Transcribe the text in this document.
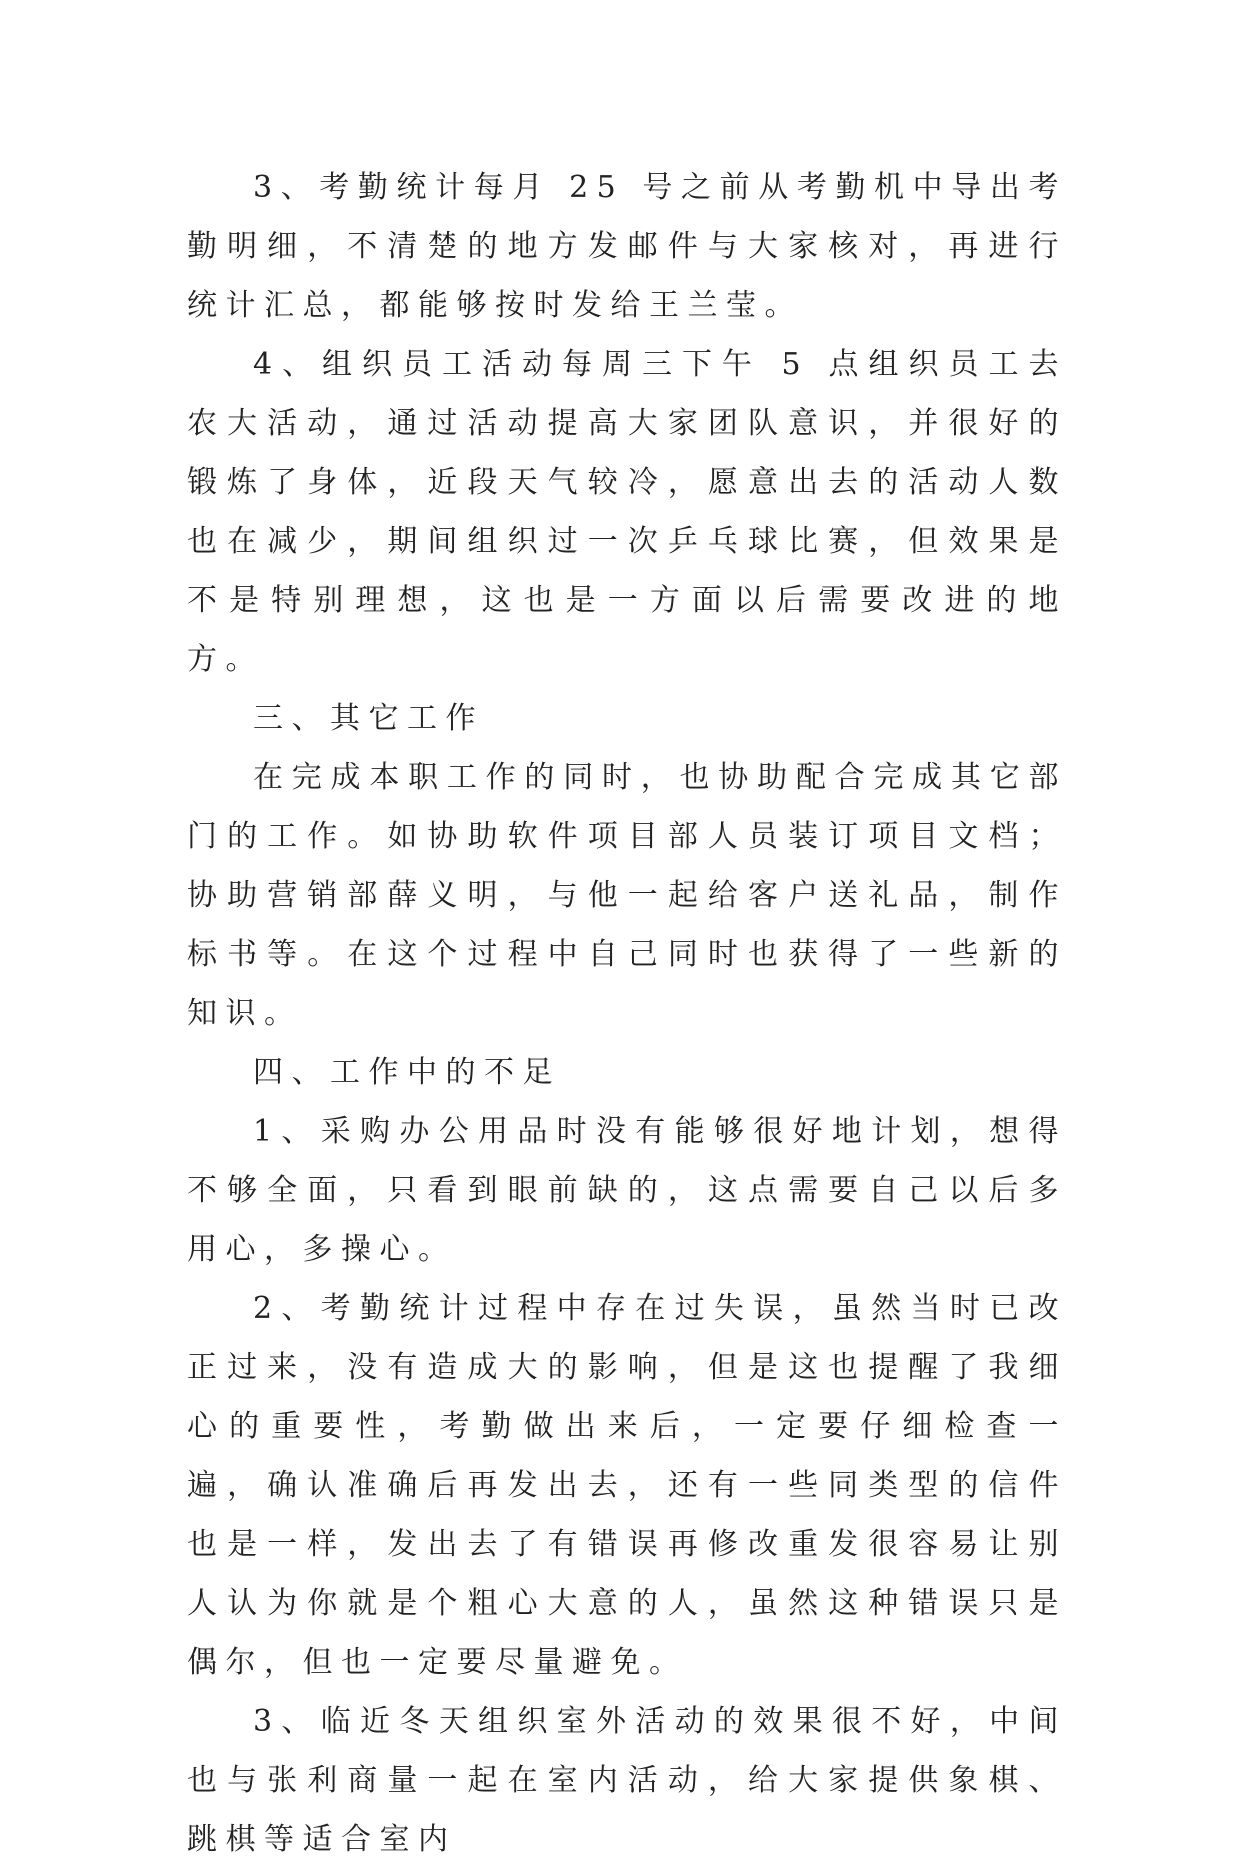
3、考勤统计每月 25 号之前从考勤机中导出考勤明细，不清楚的地方发邮件与大家核对，再进行统计汇总，都能够按时发给王兰莹。

4、组织员工活动每周三下午 5 点组织员工去农大活动，通过活动提高大家团队意识，并很好的锻炼了身体，近段天气较冷，愿意出去的活动人数也在减少，期间组织过一次乒乓球比赛，但效果是不是特别理想，这也是一方面以后需要改进的地方。

三、其它工作

在完成本职工作的同时，也协助配合完成其它部门的工作。如协助软件项目部人员装订项目文档；协助营销部薛义明，与他一起给客户送礼品，制作标书等。在这个过程中自己同时也获得了一些新的知识。

四、工作中的不足

1、采购办公用品时没有能够很好地计划，想得不够全面，只看到眼前缺的，这点需要自己以后多用心，多操心。

2、考勤统计过程中存在过失误，虽然当时已改正过来，没有造成大的影响，但是这也提醒了我细心的重要性，考勤做出来后，一定要仔细检查一遍，确认准确后再发出去，还有一些同类型的信件也是一样，发出去了有错误再修改重发很容易让别人认为你就是个粗心大意的人，虽然这种错误只是偶尔，但也一定要尽量避免。

3、临近冬天组织室外活动的效果很不好，中间也与张利商量一起在室内活动，给大家提供象棋、跳棋等适合室内
